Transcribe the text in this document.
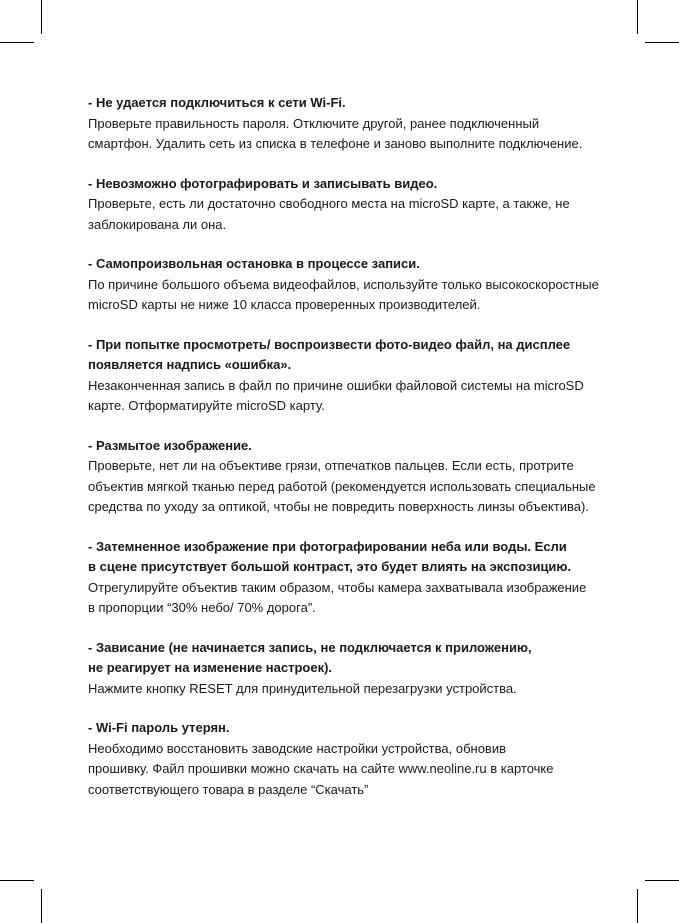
- Не удается подключиться к сети Wi-Fi.
Проверьте правильность пароля. Отключите другой, ранее подключенный
смартфон. Удалить сеть из списка в телефоне и заново выполните подключение.
- Невозможно фотографировать и записывать видео.
Проверьте, есть ли достаточно свободного места на microSD карте, а также, не
заблокирована ли она.
- Самопроизвольная остановка в процессе записи.
По причине большого объема видеофайлов, используйте только высокоскоростные
microSD карты не ниже 10 класса проверенных производителей.
- При попытке просмотреть/ воспроизвести фото-видео файл, на дисплее
появляется надпись «ошибка».
Незаконченная запись в файл по причине ошибки файловой системы на microSD
карте. Отформатируйте microSD карту.
- Размытое изображение.
Проверьте, нет ли на объективе грязи, отпечатков пальцев. Если есть, протрите
объектив мягкой тканью перед работой (рекомендуется использовать специальные
средства по уходу за оптикой, чтобы не повредить поверхность линзы объектива).
- Затемненное изображение при фотографировании неба или воды. Если
в сцене присутствует большой контраст, это будет влиять на экспозицию.
Отрегулируйте объектив таким образом, чтобы камера захватывала изображение
в пропорции “30% небо/ 70% дорога”.
- Зависание (не начинается запись, не подключается к приложению,
не реагирует на изменение настроек).
Нажмите кнопку RESET для принудительной перезагрузки устройства.
- Wi-Fi пароль утерян.
Необходимо восстановить заводские настройки устройства, обновив
прошивку. Файл прошивки можно скачать на сайте www.neoline.ru в карточке
соответствующего товара в разделе “Скачать”
